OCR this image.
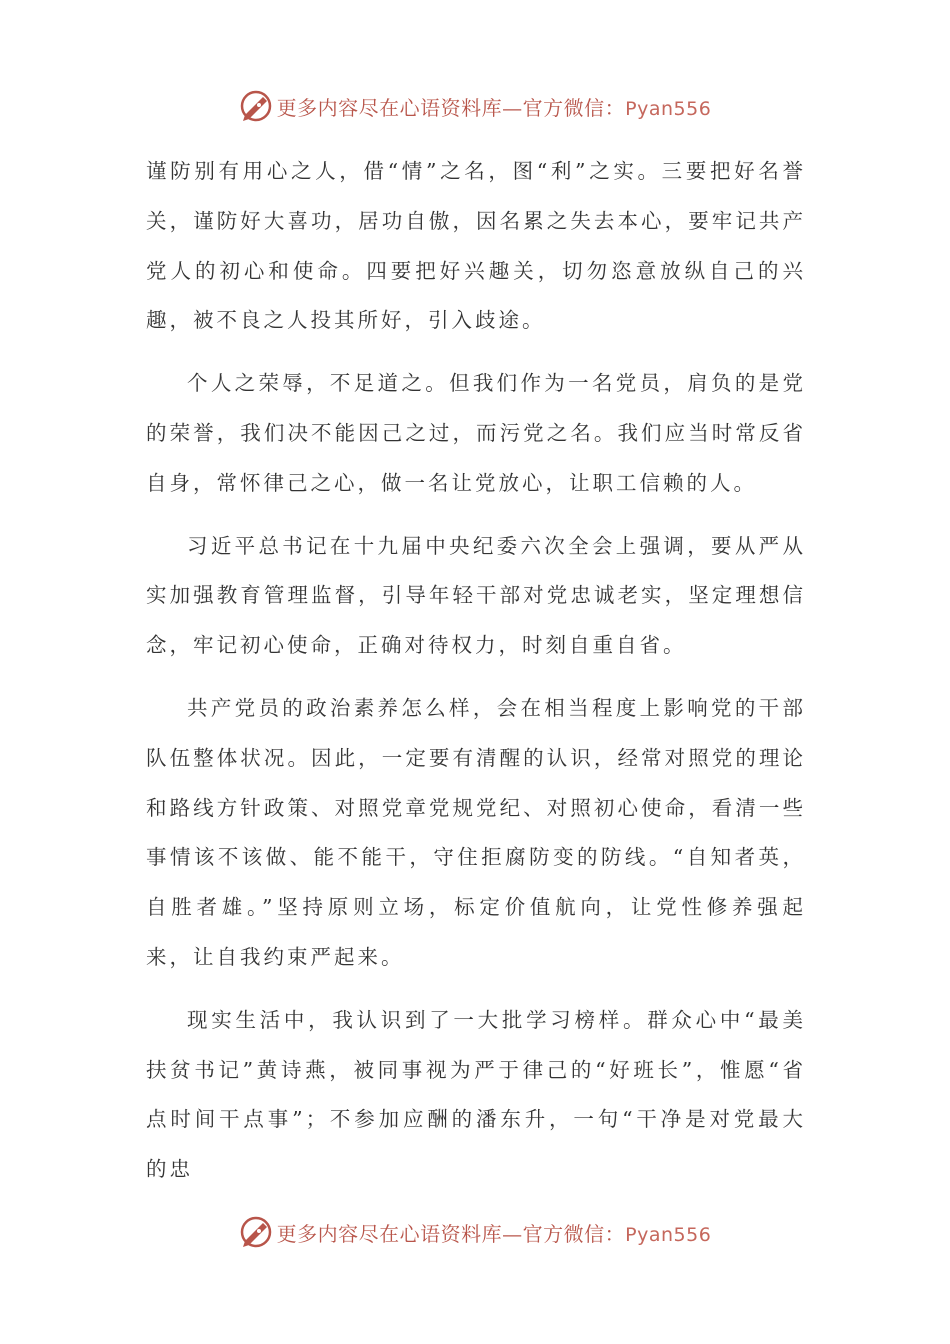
更多内容尽在心语资料库—官方微信：Pyan556

谨防别有用心之人，借“情”之名，图“利”之实。三要把好名誉关，谨防好大喜功，居功自傲，因名累之失去本心，要牢记共产党人的初心和使命。四要把好兴趣关，切勿恣意放纵自己的兴趣，被不良之人投其所好，引入歧途。

个人之荣辱，不足道之。但我们作为一名党员，肩负的是党的荣誉，我们决不能因己之过，而污党之名。我们应当时常反省自身，常怀律己之心，做一名让党放心，让职工信赖的人。

习近平总书记在十九届中央纪委六次全会上强调，要从严从实加强教育管理监督，引导年轻干部对党忠诚老实，坚定理想信念，牢记初心使命，正确对待权力，时刻自重自省。

共产党员的政治素养怎么样，会在相当程度上影响党的干部队伍整体状况。因此，一定要有清醒的认识，经常对照党的理论和路线方针政策、对照党章党规党纪、对照初心使命，看清一些事情该不该做、能不能干，守住拒腐防变的防线。“自知者英，自胜者雄。”坚持原则立场，标定价值航向，让党性修养强起来，让自我约束严起来。

现实生活中，我认识到了一大批学习榜样。群众心中“最美扶贫书记”黄诗燕，被同事视为严于律己的“好班长”，惟愿“省点时间干点事”；不参加应酬的潘东升，一句“干净是对党最大的忠

更多内容尽在心语资料库—官方微信：Pyan556
